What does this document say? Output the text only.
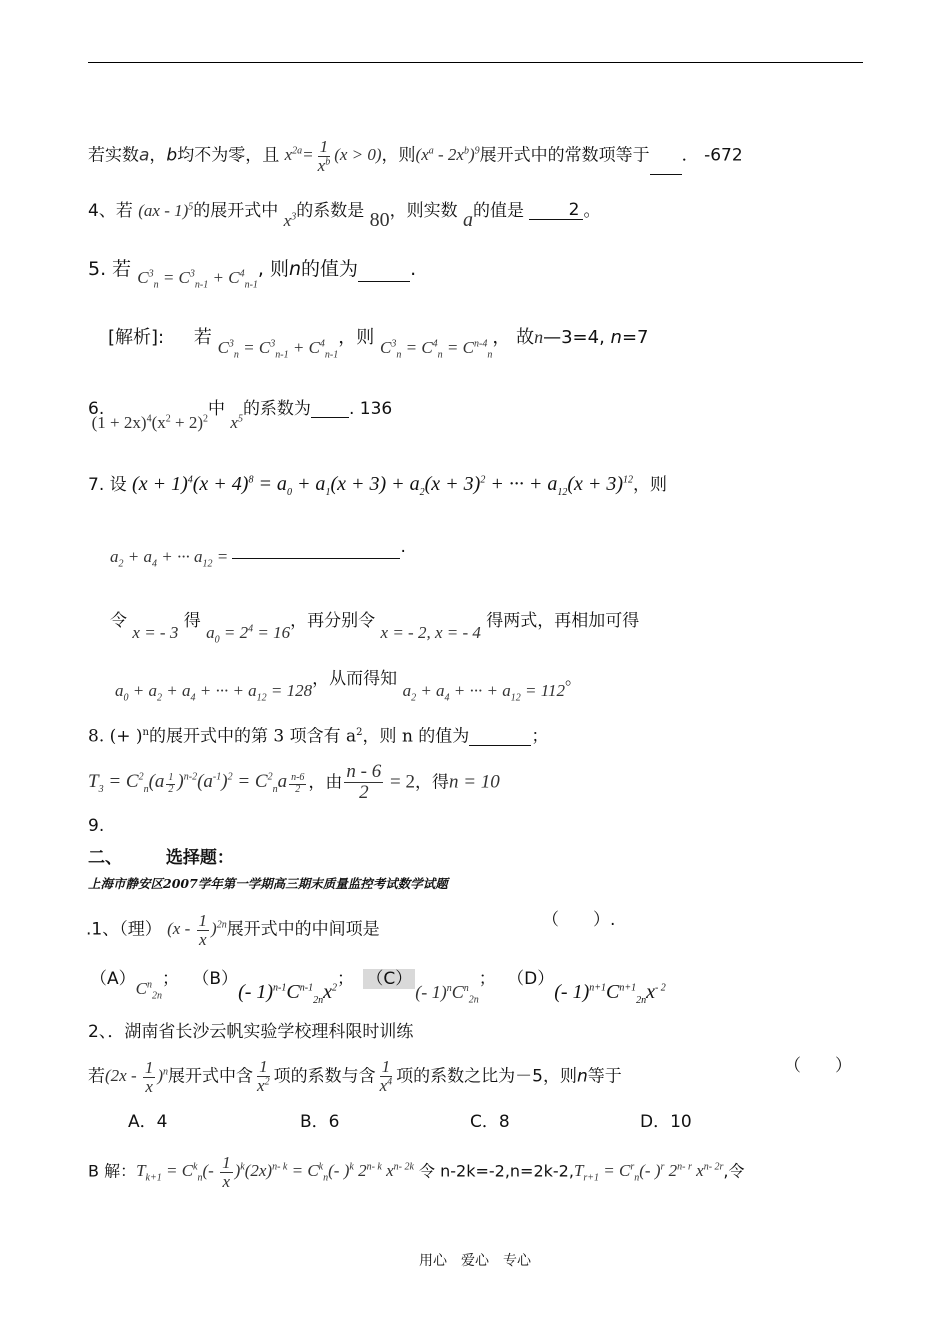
若实数a，b均不为零，且 $x^{2a}= \frac{1}{x^b} (x > 0)$，则$(x^a - 2x^b)^9$展开式中的常数项等于 ． -672
4、若 (ax - 1)$^5$的展开式中 $x^3$的系数是 80，则实数 a的值是	2 。
5. 若 $C^3_n = C^3_{n-1} + C^4_{n-1}$, 则n的值为	.
[解析]: 若 $C^3_n = C^3_{n-1} + C^4_{n-1}$，则 $C^3_n = C^4_n = C^{n-4}_n$， 故n—3=4, n=7
6. $(1 + 2x)^4(x^2 + 2)^2$中 $x^5$的系数为 . 136
7. 设 $(x + 1)^4(x + 4)^8 = a_0 + a_1(x + 3) + a_2(x + 3)^2$ + ··· + $a_{12}(x + 3)^{12}$，则
$a_2 + a_4$ + ··· $a_{12}$ =	.
令 x = - 3 得 $a_0 = 2^4 = 16$，再分别令 x = - 2, x = - 4 得两式，再相加可得
$a_0 + a_2 + a_4$ + ··· + $a_{12} = 128$，从而得知 $a_2 + a_4$ + ··· + $a_{12} = 112$。
8. (+ )$^n$的展开式中的第 3 项含有 $a^2$，则 n 的值为	；
$T_3 = C^2_n(a \frac{1}{2} )^{n-2}(a^{-1})^2 = C^2_na \frac{n-6}{2}$ ，由 $\frac{n - 6}{2} = 2$，得n = 10
9.
二、	选择题：
上海市静安区2007学年第一学期高三期末质量监控考试数学试题
.1、（理） $(x - \frac{1}{x} )^{2n}$展开式中的中间项是	（　　）.
$(A)C^n_{2n}$； （B）(- $1)^{n-1}C^{n-1}_{2n}x^2$； （C）(- $1)^nC^n_{2n}$； （D）(- $1)^{n+1}C^{n+1}_{2n}x^{- 2}$
2、．湖南省长沙云帆实验学校理科限时训练
若$(2x - \frac{1}{x} )^n$展开式中含 $\frac{1}{x^2}$ 项的系数与含 $\frac{1}{x^4}$ 项的系数之比为－5，则n等于
（　　）
A．4	B．6	C．8	D．10
B 解：$T_{k+1} = C^k_n(- \frac{1}{x} )^k(2x)^{n- k} = C^k_n(-$ )$^k$ 2$^{n- k}$ $x^{n- 2k}$ 令 $n-2k=-2,n=2k-2,T_{r+1} = C^r_n(-$ )$^r$ 2$^{n- r}$ $x^{n- 2r}$,令
用心　爱心　专心
